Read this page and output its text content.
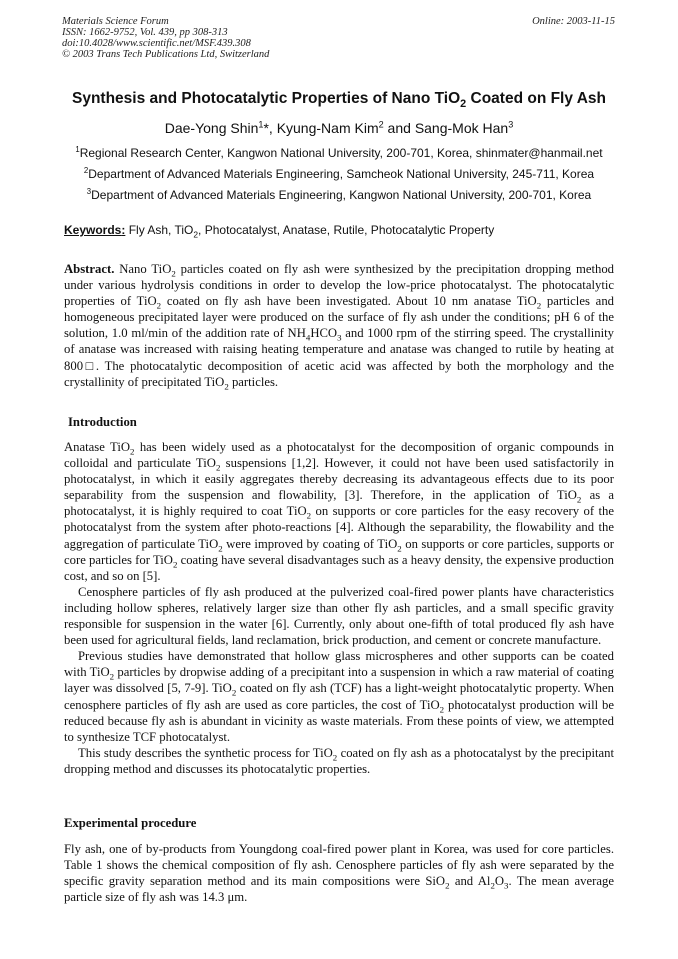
Materials Science Forum
ISSN: 1662-9752, Vol. 439, pp 308-313
doi:10.4028/www.scientific.net/MSF.439.308
© 2003 Trans Tech Publications Ltd, Switzerland
Online: 2003-11-15
Synthesis and Photocatalytic Properties of Nano TiO$_2$ Coated on Fly Ash
Dae-Yong Shin$^1$*, Kyung-Nam Kim$^2$ and Sang-Mok Han$^3$
$^1$Regional Research Center, Kangwon National University, 200-701, Korea, shinmater@hanmail.net
$^2$Department of Advanced Materials Engineering, Samcheok National University, 245-711, Korea
$^3$Department of Advanced Materials Engineering, Kangwon National University, 200-701, Korea
Keywords: Fly Ash, TiO$_2$, Photocatalyst, Anatase, Rutile, Photocatalytic Property

Abstract. Nano TiO$_2$ particles coated on fly ash were synthesized by the precipitation dropping method under various hydrolysis conditions in order to develop the low-price photocatalyst. The photocatalytic properties of TiO$_2$ coated on fly ash have been investigated. About 10 nm anatase TiO$_2$ particles and homogeneous precipitated layer were produced on the surface of fly ash under the conditions; pH 6 of the solution, 1.0 ml/min of the addition rate of $NH_4HCO_3$ and 1000 rpm of the stirring speed. The crystallinity of anatase was increased with raising heating temperature and anatase was changed to rutile by heating at 800□. The photocatalytic decomposition of acetic acid was affected by both the morphology and the crystallinity of precipitated TiO$_2$ particles.

Introduction

Anatase TiO$_2$ has been widely used as a photocatalyst for the decomposition of organic compounds in colloidal and particulate TiO$_2$ suspensions [1,2]. However, it could not have been used satisfactorily in photocatalyst, in which it easily aggregates thereby decreasing its advantageous effects due to its poor separability from the suspension and flowability, [3]. Therefore, in the application of TiO$_2$ as a photocatalyst, it is highly required to coat TiO$_2$ on supports or core particles for the easy recovery of the photocatalyst from the system after photo-reactions [4]. Although the separability, the flowability and the aggregation of particulate TiO$_2$ were improved by coating of TiO$_2$ on supports or core particles, supports or core particles for TiO$_2$ coating have several disadvantages such as a heavy density, the expensive production cost, and so on [5].

Cenosphere particles of fly ash produced at the pulverized coal-fired power plants have characteristics including hollow spheres, relatively larger size than other fly ash particles, and a small specific gravity responsible for suspension in the water [6]. Currently, only about one-fifth of total produced fly ash have been used for agricultural fields, land reclamation, brick production, and cement or concrete manufacture.

Previous studies have demonstrated that hollow glass microspheres and other supports can be coated with TiO$_2$ particles by dropwise adding of a precipitant into a suspension in which a raw material of coating layer was dissolved [5, 7-9]. TiO$_2$ coated on fly ash (TCF) has a light-weight photocatalytic property. When cenosphere particles of fly ash are used as core particles, the cost of TiO$_2$ photocatalyst production will be reduced because fly ash is abundant in vicinity as waste materials. From these points of view, we attempted to synthesize TCF photocatalyst.

This study describes the synthetic process for TiO$_2$ coated on fly ash as a photocatalyst by the precipitant dropping method and discusses its photocatalytic properties.

Experimental procedure

Fly ash, one of by-products from Youngdong coal-fired power plant in Korea, was used for core particles. Table 1 shows the chemical composition of fly ash. Cenosphere particles of fly ash were separated by the specific gravity separation method and its main compositions were SiO$_2$ and $Al_2O_3$. The mean average particle size of fly ash was 14.3 μm.
